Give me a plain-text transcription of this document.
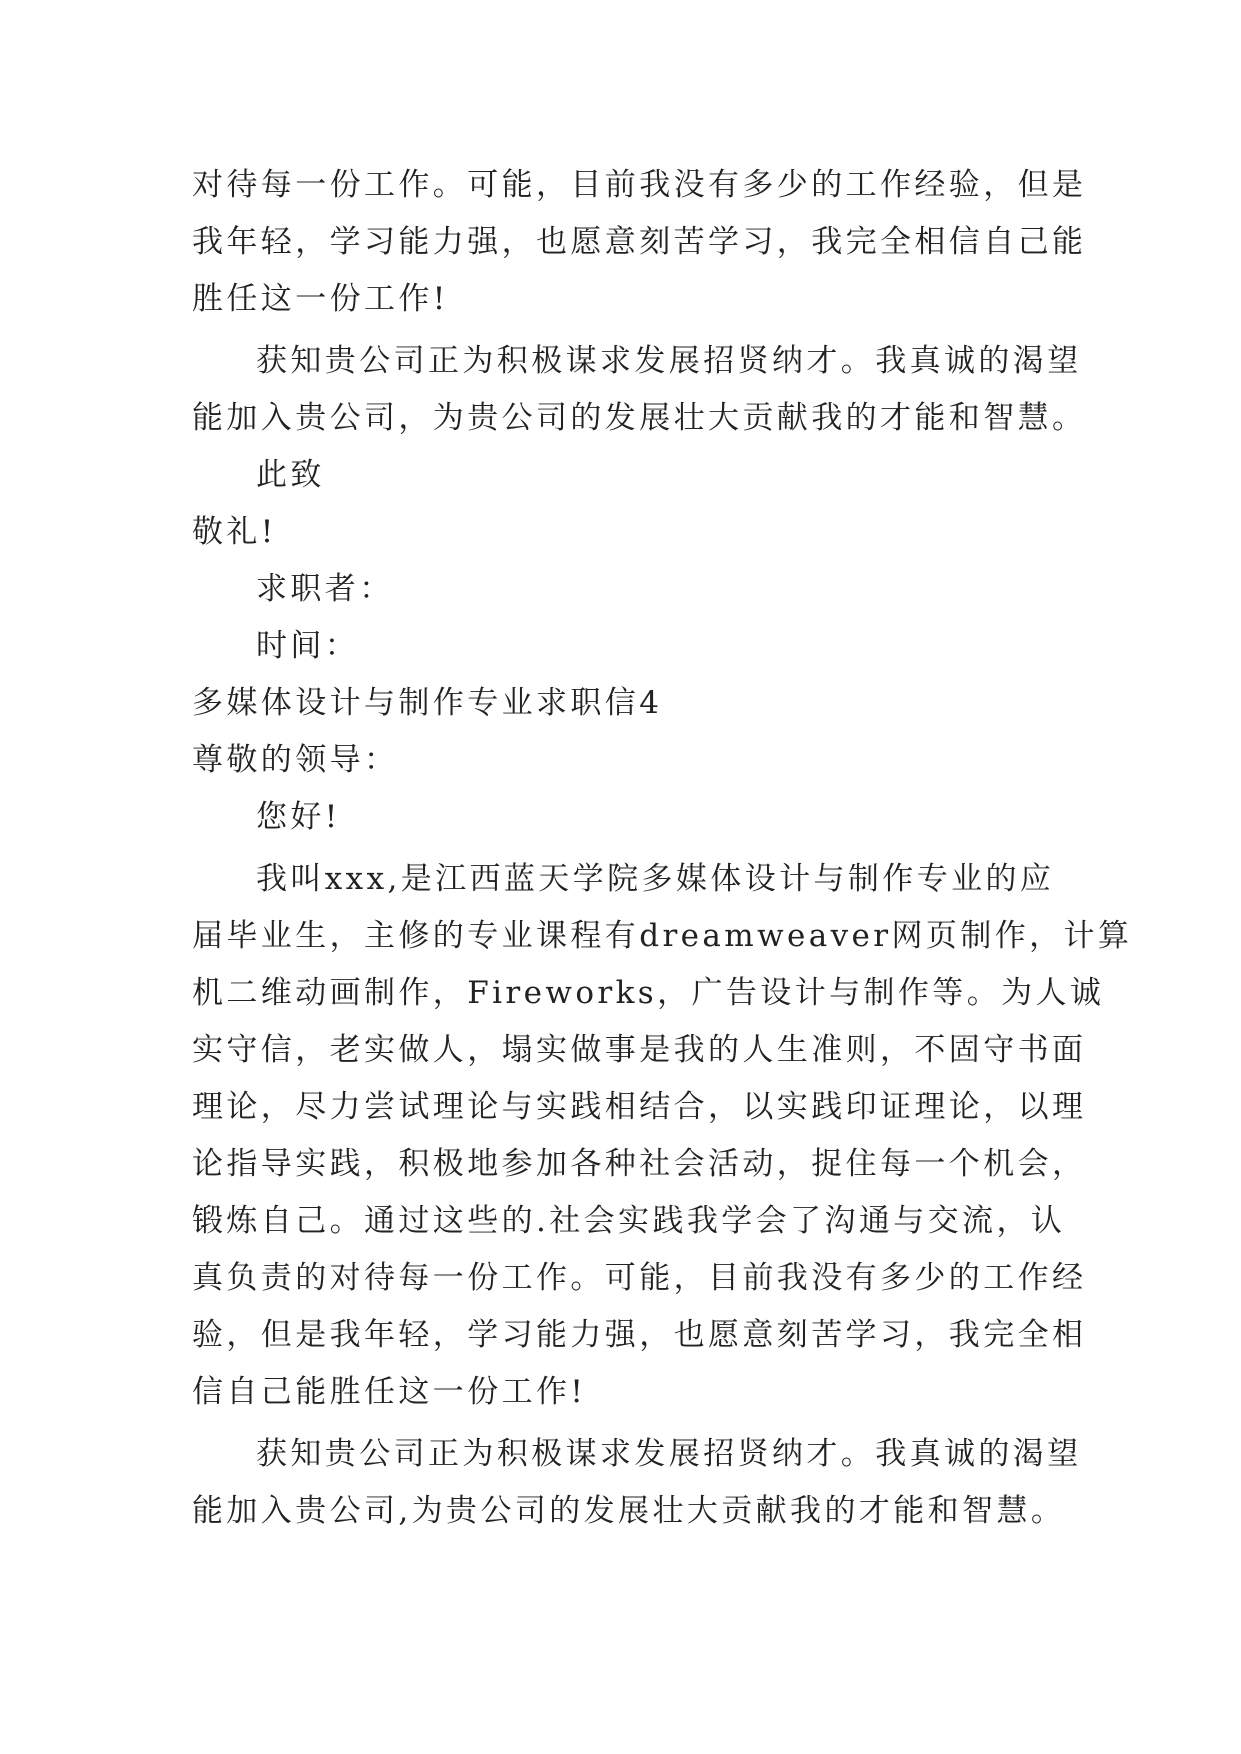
对待每一份工作。可能，目前我没有多少的工作经验，但是
我年轻，学习能力强，也愿意刻苦学习，我完全相信自己能
胜任这一份工作!
获知贵公司正为积极谋求发展招贤纳才。我真诚的渴望
能加入贵公司，为贵公司的发展壮大贡献我的才能和智慧。
此致
敬礼!
求职者：
时间：
多媒体设计与制作专业求职信4
尊敬的领导：
您好!
我叫xxx,是江西蓝天学院多媒体设计与制作专业的应
届毕业生，主修的专业课程有dreamweaver网页制作，计算
机二维动画制作，Fireworks，广告设计与制作等。为人诚
实守信，老实做人，塌实做事是我的人生准则，不固守书面
理论，尽力尝试理论与实践相结合，以实践印证理论，以理
论指导实践，积极地参加各种社会活动，捉住每一个机会，
锻炼自己。通过这些的.社会实践我学会了沟通与交流，认
真负责的对待每一份工作。可能，目前我没有多少的工作经
验，但是我年轻，学习能力强，也愿意刻苦学习，我完全相
信自己能胜任这一份工作!
获知贵公司正为积极谋求发展招贤纳才。我真诚的渴望
能加入贵公司,为贵公司的发展壮大贡献我的才能和智慧。
